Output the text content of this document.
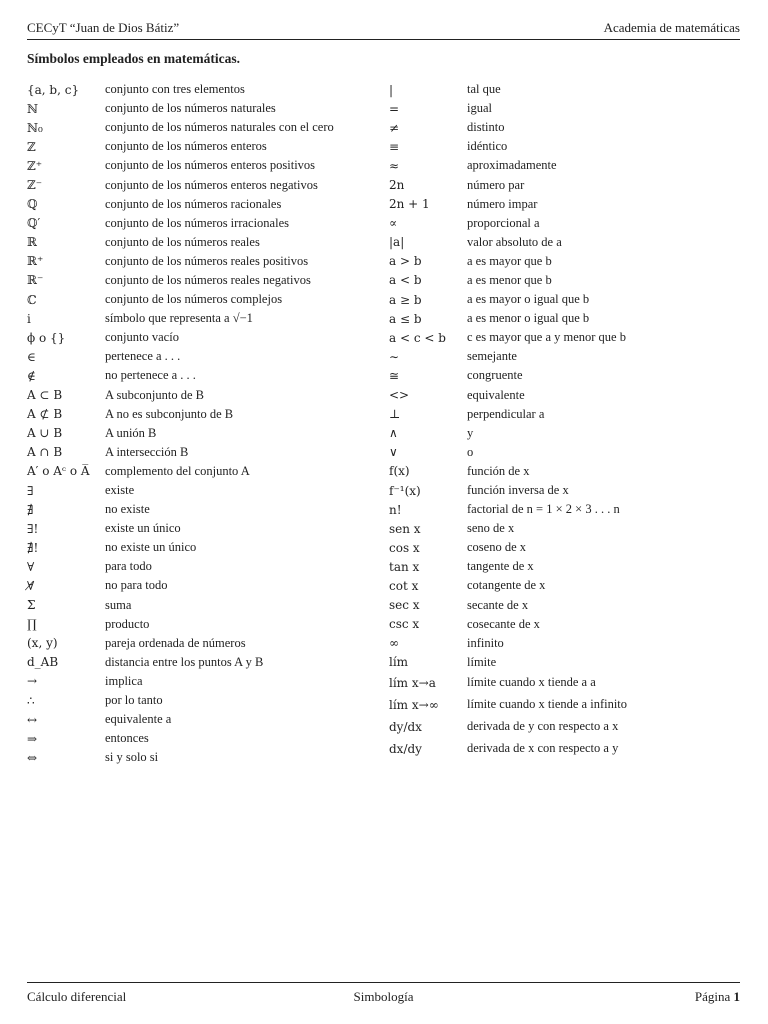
CECyT “Juan de Dios Bátiz”	Academia de matemáticas
Símbolos empleados en matemáticas.
{a, b, c}	conjunto con tres elementos
ℕ	conjunto de los números naturales
ℕ₀	conjunto de los números naturales con el cero
ℤ	conjunto de los números enteros
ℤ⁺	conjunto de los números enteros positivos
ℤ⁻	conjunto de los números enteros negativos
ℚ	conjunto de los números racionales
ℚ′	conjunto de los números irracionales
ℝ	conjunto de los números reales
ℝ⁺	conjunto de los números reales positivos
ℝ⁻	conjunto de los números reales negativos
ℂ	conjunto de los números complejos
i	símbolo que representa a √−1
ϕ o {}	conjunto vacío
∈	pertenece a . . .
∉	no pertenece a . . .
A ⊂ B	A subconjunto de B
A ⊄ B	A no es subconjunto de B
A ∪ B	A unión B
A ∩ B	A intersección B
A′ o Aᶜ o A̅	complemento del conjunto A
∃	existe
∄	no existe
∃!	existe un único
∄!	no existe un único
∀	para todo
∀̸	no para todo
Σ	suma
∏	producto
(x, y)	pareja ordenada de números
d_AB	distancia entre los puntos A y B
→	implica
∴	por lo tanto
↔	equivalente a
⇒	entonces
⇔	si y solo si
|	tal que
=	igual
≠	distinto
≡	idéntico
≈	aproximadamente
2n	número par
2n + 1	número impar
∝	proporcional a
|a|	valor absoluto de a
a > b	a es mayor que b
a < b	a es menor que b
a ≥ b	a es mayor o igual que b
a ≤ b	a es menor o igual que b
a < c < b	c es mayor que a y menor que b
∼	semejante
≅	congruente
<>	equivalente
⊥	perpendicular a
∧	y
∨	o
f(x)	función de x
f⁻¹(x)	función inversa de x
n!	factorial de n = 1 × 2 × 3 . . . n
sen x	seno de x
cos x	coseno de x
tan x	tangente de x
cot x	cotangente de x
sec x	secante de x
csc x	cosecante de x
∞	infinito
lím	límite
lím x→a	límite cuando x tiende a a
lím x→∞	límite cuando x tiende a infinito
dy/dx	derivada de y con respecto a x
dx/dy	derivada de x con respecto a y
Cálculo diferencial	Simbología	Página 1
